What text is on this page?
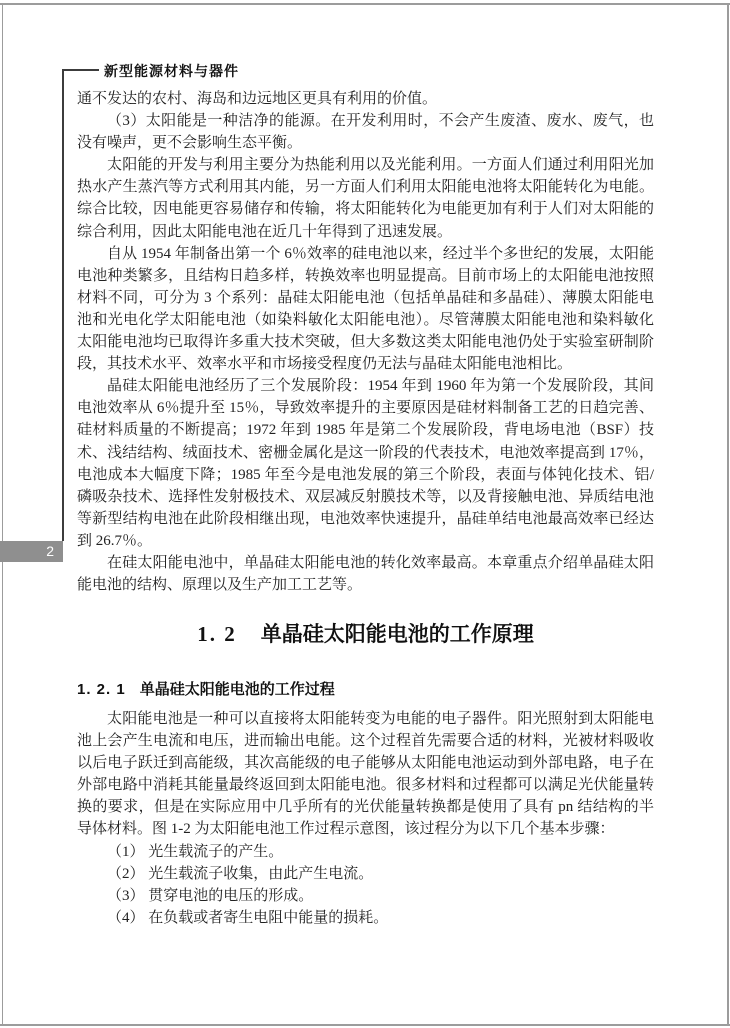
新型能源材料与器件
2

通不发达的农村、海岛和边远地区更具有利用的价值。

（3）太阳能是一种洁净的能源。在开发利用时，不会产生废渣、废水、废气，也没有噪声，更不会影响生态平衡。

太阳能的开发与利用主要分为热能利用以及光能利用。一方面人们通过利用阳光加热水产生蒸汽等方式利用其内能，另一方面人们利用太阳能电池将太阳能转化为电能。综合比较，因电能更容易储存和传输，将太阳能转化为电能更加有利于人们对太阳能的综合利用，因此太阳能电池在近几十年得到了迅速发展。

自从 1954 年制备出第一个 6％效率的硅电池以来，经过半个多世纪的发展，太阳能电池种类繁多，且结构日趋多样，转换效率也明显提高。目前市场上的太阳能电池按照材料不同，可分为 3 个系列：晶硅太阳能电池（包括单晶硅和多晶硅）、薄膜太阳能电池和光电化学太阳能电池（如染料敏化太阳能电池）。尽管薄膜太阳能电池和染料敏化太阳能电池均已取得许多重大技术突破，但大多数这类太阳能电池仍处于实验室研制阶段，其技术水平、效率水平和市场接受程度仍无法与晶硅太阳能电池相比。

晶硅太阳能电池经历了三个发展阶段：1954 年到 1960 年为第一个发展阶段，其间电池效率从 6％提升至 15％，导致效率提升的主要原因是硅材料制备工艺的日趋完善、硅材料质量的不断提高；1972 年到 1985 年是第二个发展阶段，背电场电池（BSF）技术、浅结结构、绒面技术、密栅金属化是这一阶段的代表技术，电池效率提高到 17％，电池成本大幅度下降；1985 年至今是电池发展的第三个阶段，表面与体钝化技术、铝/磷吸杂技术、选择性发射极技术、双层减反射膜技术等，以及背接触电池、异质结电池等新型结构电池在此阶段相继出现，电池效率快速提升，晶硅单结电池最高效率已经达到 26.7％。

在硅太阳能电池中，单晶硅太阳能电池的转化效率最高。本章重点介绍单晶硅太阳能电池的结构、原理以及生产加工工艺等。

1. 2 单晶硅太阳能电池的工作原理
1. 2. 1 单晶硅太阳能电池的工作过程

太阳能电池是一种可以直接将太阳能转变为电能的电子器件。阳光照射到太阳能电池上会产生电流和电压，进而输出电能。这个过程首先需要合适的材料，光被材料吸收以后电子跃迁到高能级，其次高能级的电子能够从太阳能电池运动到外部电路，电子在外部电路中消耗其能量最终返回到太阳能电池。很多材料和过程都可以满足光伏能量转换的要求，但是在实际应用中几乎所有的光伏能量转换都是使用了具有 pn 结结构的半导体材料。图 1-2 为太阳能电池工作过程示意图，该过程分为以下几个基本步骤：

（1） 光生载流子的产生。

（2） 光生载流子收集，由此产生电流。

（3） 贯穿电池的电压的形成。

（4） 在负载或者寄生电阻中能量的损耗。
